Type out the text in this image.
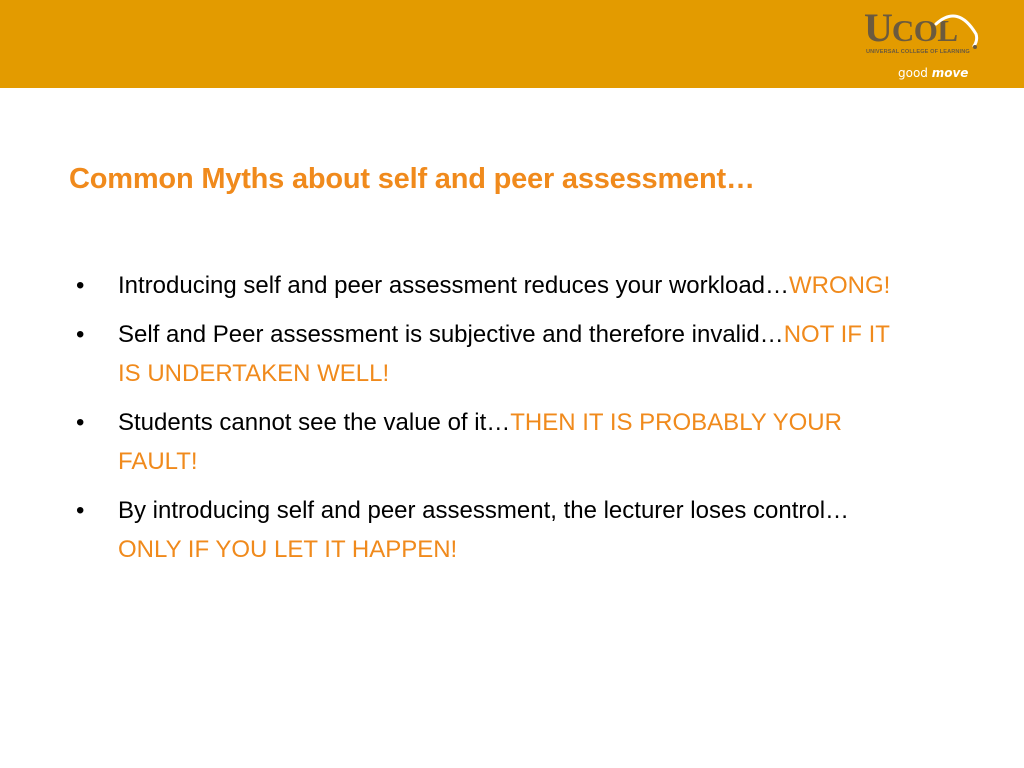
UCOL
UNIVERSAL COLLEGE OF LEARNING
good move
Common Myths about self and peer assessment…
• Introducing self and peer assessment reduces your workload…WRONG!
• Self and Peer assessment is subjective and therefore invalid…NOT IF IT IS UNDERTAKEN WELL!
• Students cannot see the value of it…THEN IT IS PROBABLY YOUR FAULT!
• By introducing self and peer assessment, the lecturer loses control… ONLY IF YOU LET IT HAPPEN!
